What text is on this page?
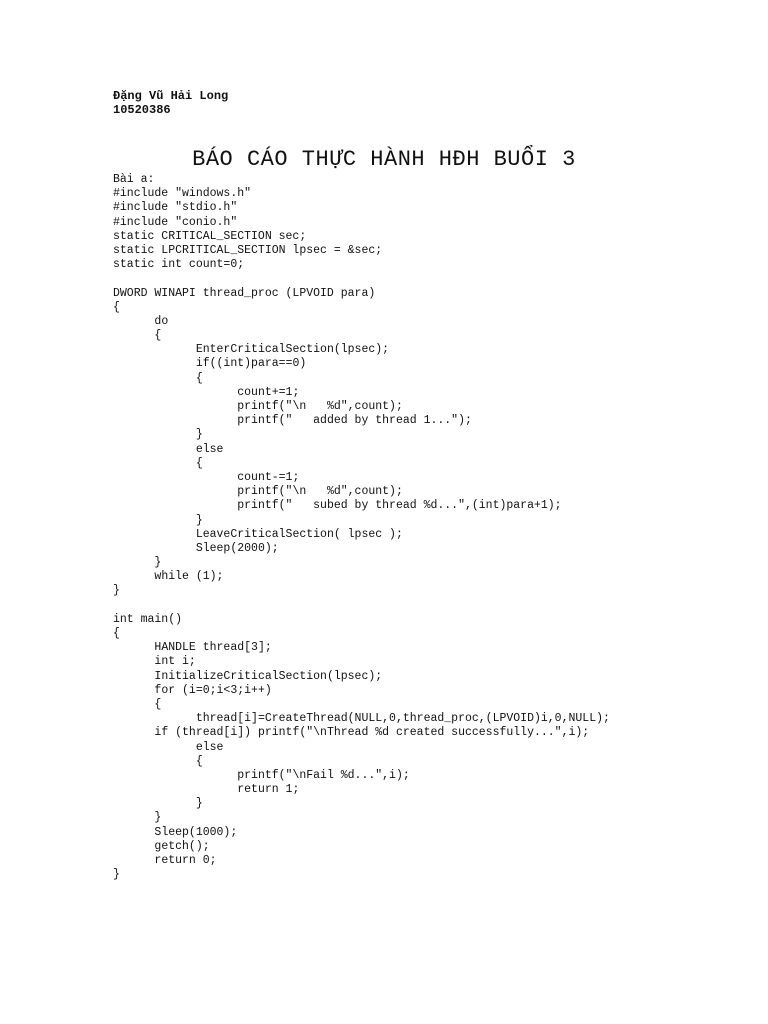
Đặng Vũ Hải Long
10520386
BÁO CÁO THỰC HÀNH HĐH BUỔI 3
Bài a:
#include "windows.h"
#include "stdio.h"
#include "conio.h"
static CRITICAL_SECTION sec;
static LPCRITICAL_SECTION lpsec = &sec;
static int count=0;
DWORD WINAPI thread_proc (LPVOID para)
{
	do
	{
		EnterCriticalSection(lpsec);
		if((int)para==0)
		{
			count+=1;
			printf("\n   %d",count);
			printf("   added by thread 1...");
		}
		else
		{
			count-=1;
			printf("\n   %d",count);
			printf("   subed by thread %d...",(int)para+1);
		}
		LeaveCriticalSection( lpsec );
		Sleep(2000);
	}
	while (1);
}
int main()
{
	HANDLE thread[3];
	int i;
	InitializeCriticalSection(lpsec);
	for (i=0;i<3;i++)
	{
		thread[i]=CreateThread(NULL,0,thread_proc,(LPVOID)i,0,NULL);
	if (thread[i]) printf("\nThread %d created successfully...",i);
		else
		{
			printf("\nFail %d...",i);
			return 1;
		}
	}
	Sleep(1000);
	getch();
	return 0;
}
